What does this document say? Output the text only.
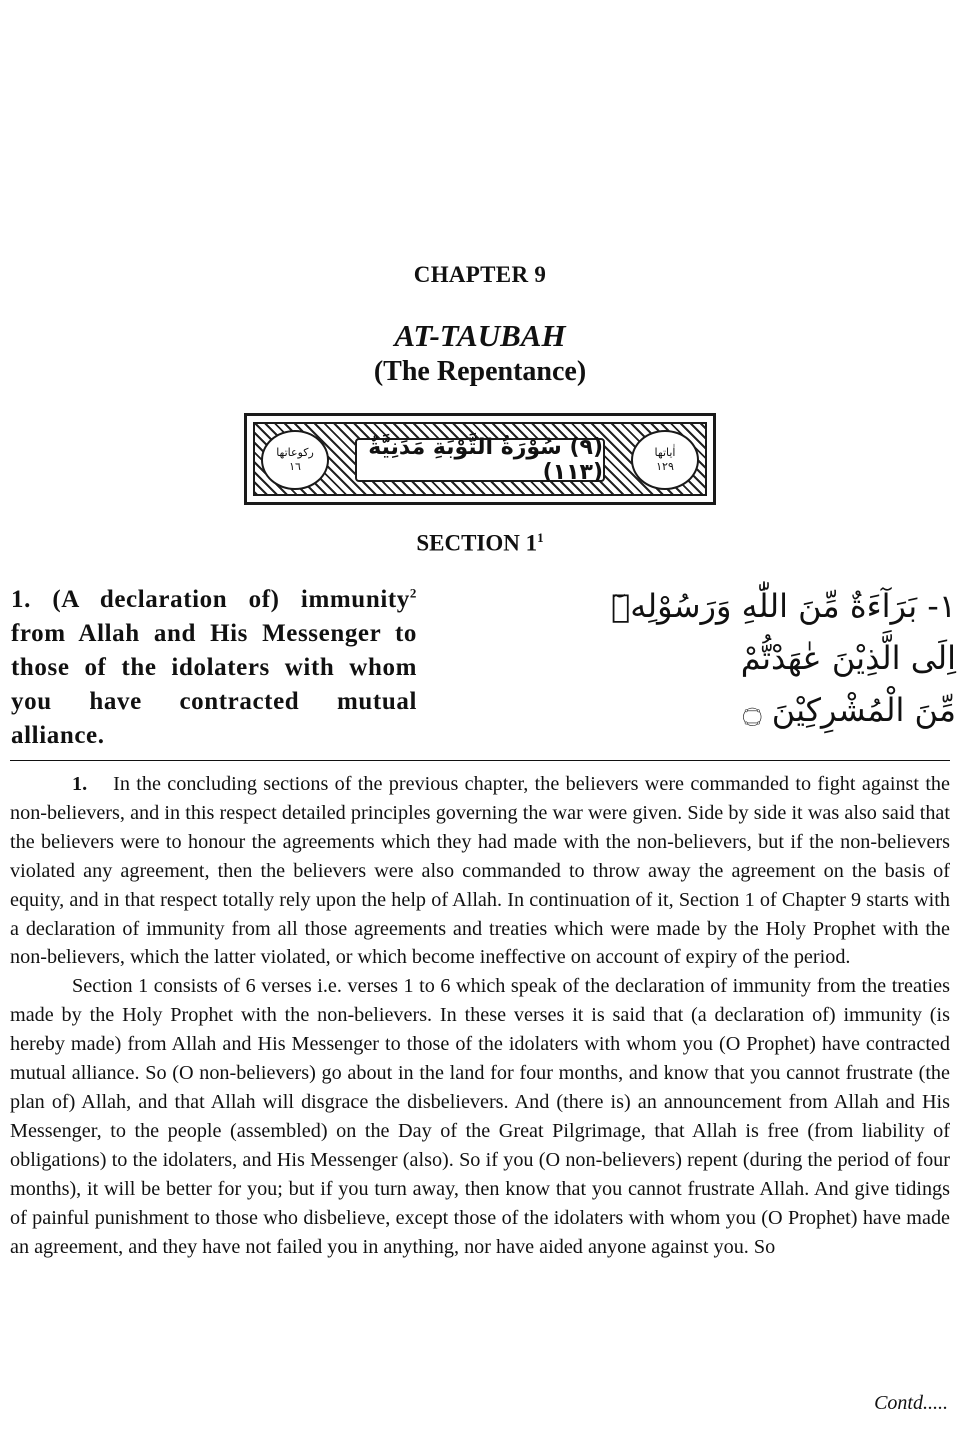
CHAPTER 9
AT-TAUBAH
(The Repentance)
رکوعاتها
١٦
(٩) سُوْرَةُ التَّوْبَةِ مَدَنِيَّةٌ (١١٣)
اٰیاتها
١٢٩
SECTION $1^1$
1. (A declaration of) immunity$^2$ from Allah and His Messenger to those of the idolaters with whom you have contracted mutual alliance.
١- بَرَآءَةٌ مِّنَ اللّٰهِ وَرَسُوْلِهٖٓ
اِلَى الَّذِيْنَ عٰهَدْتُّمْ
مِّنَ الْمُشْرِكِيْنَ ۝

1. In the concluding sections of the previous chapter, the believers were commanded to fight against the non-believers, and in this respect detailed principles governing the war were given. Side by side it was also said that the believers were to honour the agreements which they had made with the non-believers, but if the non-believers violated any agreement, then the believers were also commanded to throw away the agreement on the basis of equity, and in that respect totally rely upon the help of Allah. In continuation of it, Section 1 of Chapter 9 starts with a declaration of immunity from all those agreements and treaties which were made by the Holy Prophet with the non-believers, which the latter violated, or which become ineffective on account of expiry of the period.

Section 1 consists of 6 verses i.e. verses 1 to 6 which speak of the declaration of immunity from the treaties made by the Holy Prophet with the non-believers. In these verses it is said that (a declaration of) immunity (is hereby made) from Allah and His Messenger to those of the idolaters with whom you (O Prophet) have contracted mutual alliance. So (O non-believers) go about in the land for four months, and know that you cannot frustrate (the plan of) Allah, and that Allah will disgrace the disbelievers. And (there is) an announcement from Allah and His Messenger, to the people (assembled) on the Day of the Great Pilgrimage, that Allah is free (from liability of obligations) to the idolaters, and His Messenger (also). So if you (O non-believers) repent (during the period of four months), it will be better for you; but if you turn away, then know that you cannot frustrate Allah. And give tidings of painful punishment to those who disbelieve, except those of the idolaters with whom you (O Prophet) have made an agreement, and they have not failed you in anything, nor have aided anyone against you. So

Contd.....
